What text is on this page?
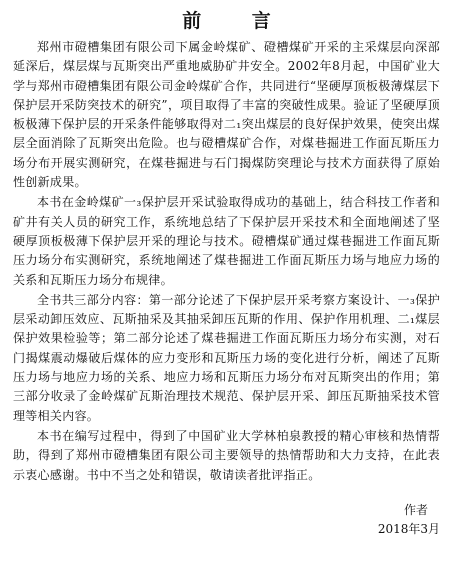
前 言

郑州市磴槽集团有限公司下属金岭煤矿、磴槽煤矿开采的主采煤层向深部延深后，煤层煤与瓦斯突出严重地威胁矿井安全。2002年8月起，中国矿业大学与郑州市磴槽集团有限公司金岭煤矿合作，共同进行“坚硬厚顶板极薄煤层下保护层开采防突技术的研究”，项目取得了丰富的突破性成果。验证了坚硬厚顶板极薄下保护层的开采条件能够取得对二₁突出煤层的良好保护效果，使突出煤层全面消除了瓦斯突出危险。也与磴槽煤矿合作，对煤巷掘进工作面瓦斯压力场分布开展实测研究，在煤巷掘进与石门揭煤防突理论与技术方面获得了原始性创新成果。

本书在金岭煤矿一₃保护层开采试验取得成功的基础上，结合科技工作者和矿井有关人员的研究工作，系统地总结了下保护层开采技术和全面地阐述了坚硬厚顶板极薄下保护层开采的理论与技术。磴槽煤矿通过煤巷掘进工作面瓦斯压力场分布实测研究，系统地阐述了煤巷掘进工作面瓦斯压力场与地应力场的关系和瓦斯压力场分布规律。

全书共三部分内容：第一部分论述了下保护层开采考察方案设计、一₃保护层采动卸压效应、瓦斯抽采及其抽采卸压瓦斯的作用、保护作用机理、二₁煤层保护效果检验等；第二部分论述了煤巷掘进工作面瓦斯压力场分布实测，对石门揭煤震动爆破后煤体的应力变形和瓦斯压力场的变化进行分析，阐述了瓦斯压力场与地应力场的关系、地应力场和瓦斯压力场分布对瓦斯突出的作用；第三部分收录了金岭煤矿瓦斯治理技术规范、保护层开采、卸压瓦斯抽采技术管理等相关内容。

本书在编写过程中，得到了中国矿业大学林柏泉教授的精心审核和热情帮助，得到了郑州市磴槽集团有限公司主要领导的热情帮助和大力支持，在此表示衷心感谢。书中不当之处和错误，敬请读者批评指正。

作者
2018年3月
